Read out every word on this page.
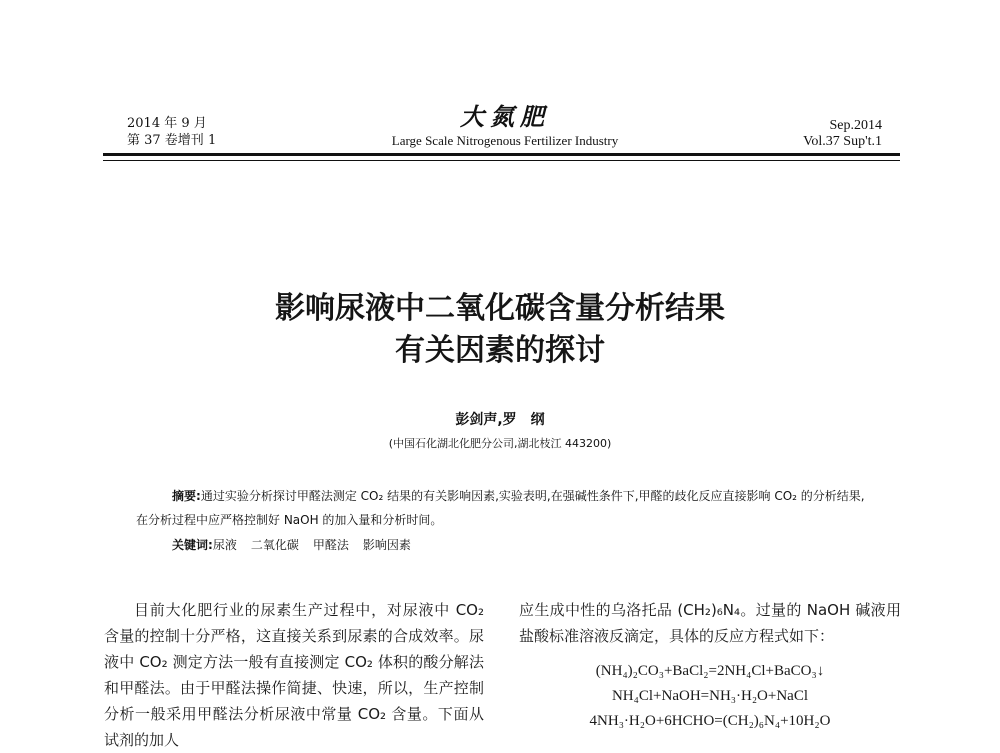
2014 年 9 月
第 37 卷增刊 1
大氮肥
Large Scale Nitrogenous Fertilizer Industry
Sep.2014
Vol.37 Sup't.1
影响尿液中二氧化碳含量分析结果
有关因素的探讨
彭剑声,罗　纲
(中国石化湖北化肥分公司,湖北枝江 443200)
摘要:通过实验分析探讨甲醛法测定 CO₂ 结果的有关影响因素,实验表明,在强碱性条件下,甲醛的歧化反应直接影响 CO₂ 的分析结果,在分析过程中应严格控制好 NaOH 的加入量和分析时间。
关键词:尿液 二氧化碳 甲醛法 影响因素
目前大化肥行业的尿素生产过程中，对尿液中 CO₂ 含量的控制十分严格，这直接关系到尿素的合成效率。尿液中 CO₂ 测定方法一般有直接测定 CO₂ 体积的酸分解法和甲醛法。由于甲醛法操作简捷、快速，所以，生产控制分析一般采用甲醛法分析尿液中常量 CO₂ 含量。下面从试剂的加人
应生成中性的乌洛托品 (CH₂)₆N₄。过量的 NaOH 碱液用盐酸标准溶液反滴定，具体的反应方程式如下：
(NH₄)₂CO₃+BaCl₂=2NH₄Cl+BaCO₃↓
NH₄Cl+NaOH=NH₃·H₂O+NaCl
4NH₃·H₂O+6HCHO=(CH₂)₆N₄+10H₂O
